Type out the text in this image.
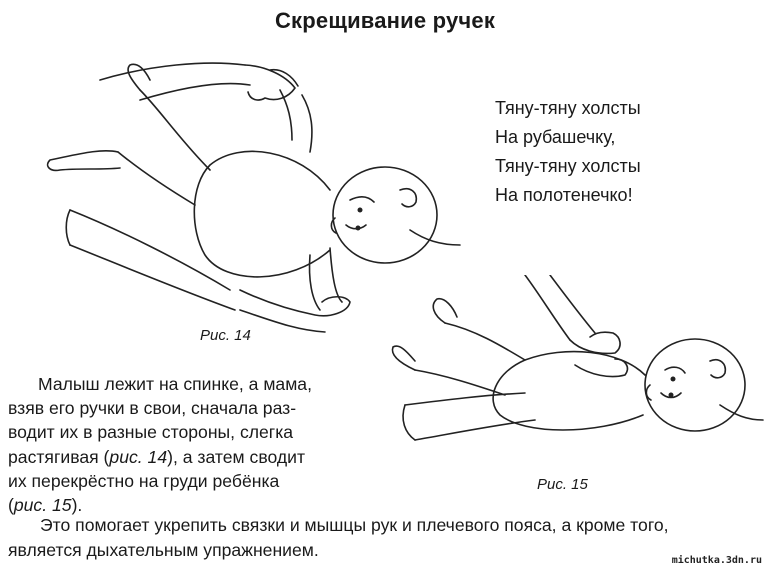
Скрещивание ручек
Тяну-тяну холсты
На рубашечку,
Тяну-тяну холсты
На полотенечко!
Рис. 14
Рис. 15
Малыш лежит на спинке, а мама,
взяв его ручки в свои, сначала раз-
водит их в разные стороны, слегка
растягивая (рис. 14), а затем сводит
их перекрёстно на груди ребёнка
(рис. 15).
Это помогает укрепить связки и мышцы рук и плечевого пояса, а кроме того,
является дыхательным упражнением.
michutka.3dn.ru
